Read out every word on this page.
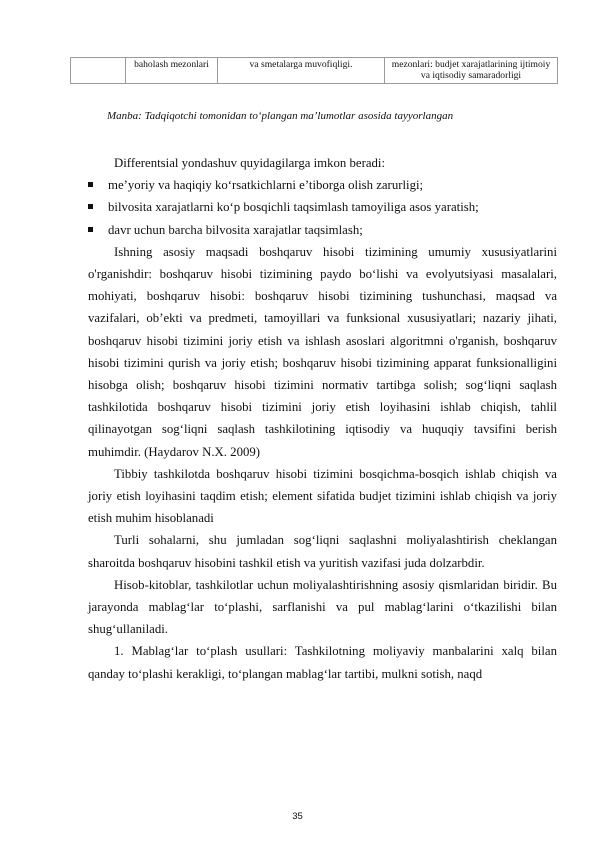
	baholash mezonlari	va smetalarga muvofiqligi.	mezonlari: budjet xarajatlarining ijtimoiy va iqtisodiy samaradorligi
Manba: Tadqiqotchi tomonidan to‘plangan ma’lumotlar asosida tayyorlangan

Differentsial yondashuv quyidagilarga imkon beradi:

me’yoriy va haqiqiy ko‘rsatkichlarni e’tiborga olish zarurligi;
bilvosita xarajatlarni ko‘p bosqichli taqsimlash tamoyiliga asos yaratish;
davr uchun barcha bilvosita xarajatlar taqsimlash;

Ishning asosiy maqsadi boshqaruv hisobi tizimining umumiy xususiyatlarini o'rganishdir: boshqaruv hisobi tizimining paydo bo‘lishi va evolyutsiyasi masalalari, mohiyati, boshqaruv hisobi: boshqaruv hisobi tizimining tushunchasi, maqsad va vazifalari, ob’ekti va predmeti, tamoyillari va funksional xususiyatlari; nazariy jihati, boshqaruv hisobi tizimini joriy etish va ishlash asoslari algoritmni o'rganish, boshqaruv hisobi tizimini qurish va joriy etish; boshqaruv hisobi tizimining apparat funksionalligini hisobga olish; boshqaruv hisobi tizimini normativ tartibga solish; sog‘liqni saqlash tashkilotida boshqaruv hisobi tizimini joriy etish loyihasini ishlab chiqish, tahlil qilinayotgan sog‘liqni saqlash tashkilotining iqtisodiy va huquqiy tavsifini berish muhimdir. (Haydarov N.X. 2009)

Tibbiy tashkilotda boshqaruv hisobi tizimini bosqichma-bosqich ishlab chiqish va joriy etish loyihasini taqdim etish; element sifatida budjet tizimini ishlab chiqish va joriy etish muhim hisoblanadi

Turli sohalarni, shu jumladan sog‘liqni saqlashni moliyalashtirish cheklangan sharoitda boshqaruv hisobini tashkil etish va yuritish vazifasi juda dolzarbdir.

Hisob-kitoblar, tashkilotlar uchun moliyalashtirishning asosiy qismlaridan biridir. Bu jarayonda mablag‘lar to‘plashi, sarflanishi va pul mablag‘larini o‘tkazilishi bilan shug‘ullaniladi.

1. Mablag‘lar to‘plash usullari: Tashkilotning moliyaviy manbalarini xalq bilan qanday to‘plashi kerakligi, to‘plangan mablag‘lar tartibi, mulkni sotish, naqd

35
